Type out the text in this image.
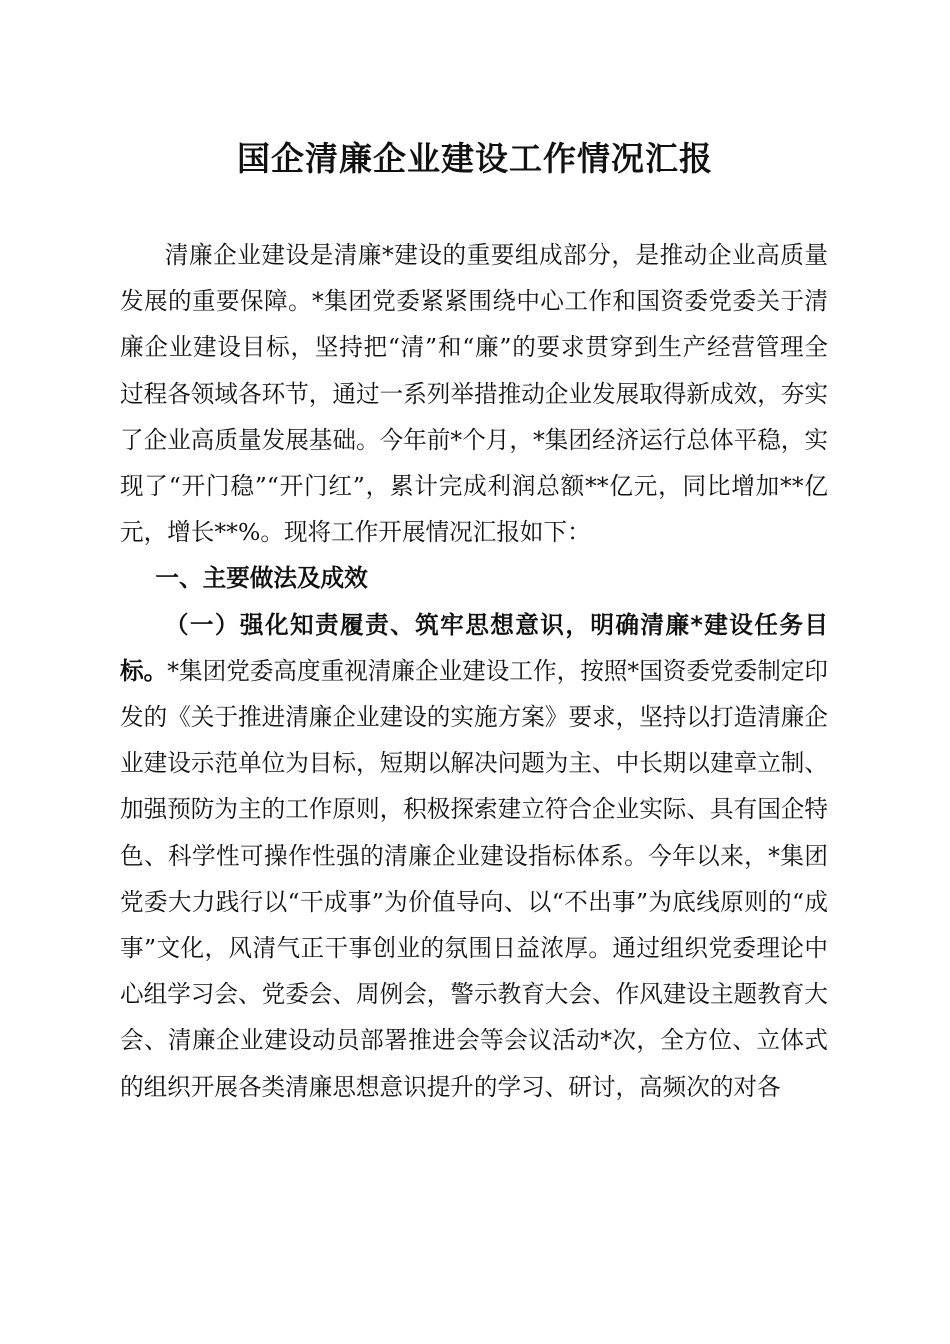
国企清廉企业建设工作情况汇报

清廉企业建设是清廉*建设的重要组成部分，是推动企业高质量发展的重要保障。*集团党委紧紧围绕中心工作和国资委党委关于清廉企业建设目标，坚持把“清”和“廉”的要求贯穿到生产经营管理全过程各领域各环节，通过一系列举措推动企业发展取得新成效，夯实了企业高质量发展基础。今年前*个月，*集团经济运行总体平稳，实现了“开门稳”“开门红”，累计完成利润总额**亿元，同比增加**亿元，增长**%。现将工作开展情况汇报如下：

一、主要做法及成效

（一）强化知责履责、筑牢思想意识，明确清廉*建设任务目标。*集团党委高度重视清廉企业建设工作，按照*国资委党委制定印发的《关于推进清廉企业建设的实施方案》要求，坚持以打造清廉企业建设示范单位为目标，短期以解决问题为主、中长期以建章立制、加强预防为主的工作原则，积极探索建立符合企业实际、具有国企特色、科学性可操作性强的清廉企业建设指标体系。今年以来，*集团党委大力践行以“干成事”为价值导向、以“不出事”为底线原则的“成事”文化，风清气正干事创业的氛围日益浓厚。通过组织党委理论中心组学习会、党委会、周例会，警示教育大会、作风建设主题教育大会、清廉企业建设动员部署推进会等会议活动*次，全方位、立体式的组织开展各类清廉思想意识提升的学习、研讨，高频次的对各
